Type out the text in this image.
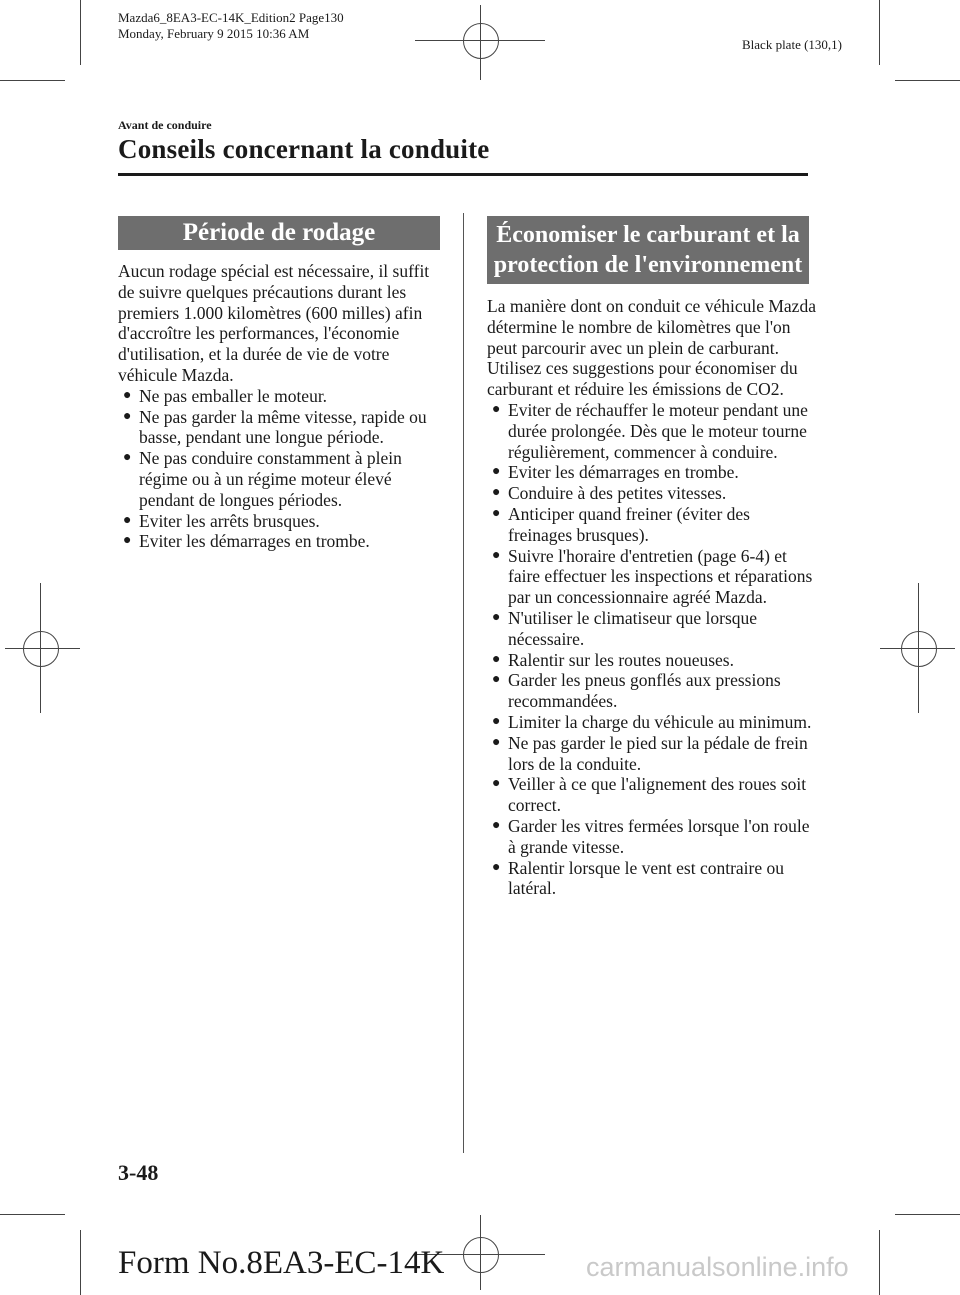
Mazda6_8EA3-EC-14K_Edition2 Page130
Monday, February 9 2015 10:36 AM
Black plate (130,1)
Avant de conduire
Conseils concernant la conduite
Période de rodage

Aucun rodage spécial est nécessaire, il suffit de suivre quelques précautions durant les premiers 1.000 kilomètres (600 milles) afin d'accroître les performances, l'économie d'utilisation, et la durée de vie de votre véhicule Mazda.

● Ne pas emballer le moteur.
● Ne pas garder la même vitesse, rapide ou basse, pendant une longue période.
● Ne pas conduire constamment à plein régime ou à un régime moteur élevé pendant de longues périodes.
● Eviter les arrêts brusques.
● Eviter les démarrages en trombe.
Économiser le carburant et la
protection de l'environnement

La manière dont on conduit ce véhicule Mazda détermine le nombre de kilomètres que l'on peut parcourir avec un plein de carburant. Utilisez ces suggestions pour économiser du carburant et réduire les émissions de CO2.

● Eviter de réchauffer le moteur pendant une durée prolongée. Dès que le moteur tourne régulièrement, commencer à conduire.
● Eviter les démarrages en trombe.
● Conduire à des petites vitesses.
● Anticiper quand freiner (éviter des freinages brusques).
● Suivre l'horaire d'entretien (page 6-4) et faire effectuer les inspections et réparations par un concessionnaire agréé Mazda.
● N'utiliser le climatiseur que lorsque nécessaire.
● Ralentir sur les routes noueuses.
● Garder les pneus gonflés aux pressions recommandées.
● Limiter la charge du véhicule au minimum.
● Ne pas garder le pied sur la pédale de frein lors de la conduite.
● Veiller à ce que l'alignement des roues soit correct.
● Garder les vitres fermées lorsque l'on roule à grande vitesse.
● Ralentir lorsque le vent est contraire ou latéral.
3-48
Form No.8EA3-EC-14K	carmanualsonline.info
